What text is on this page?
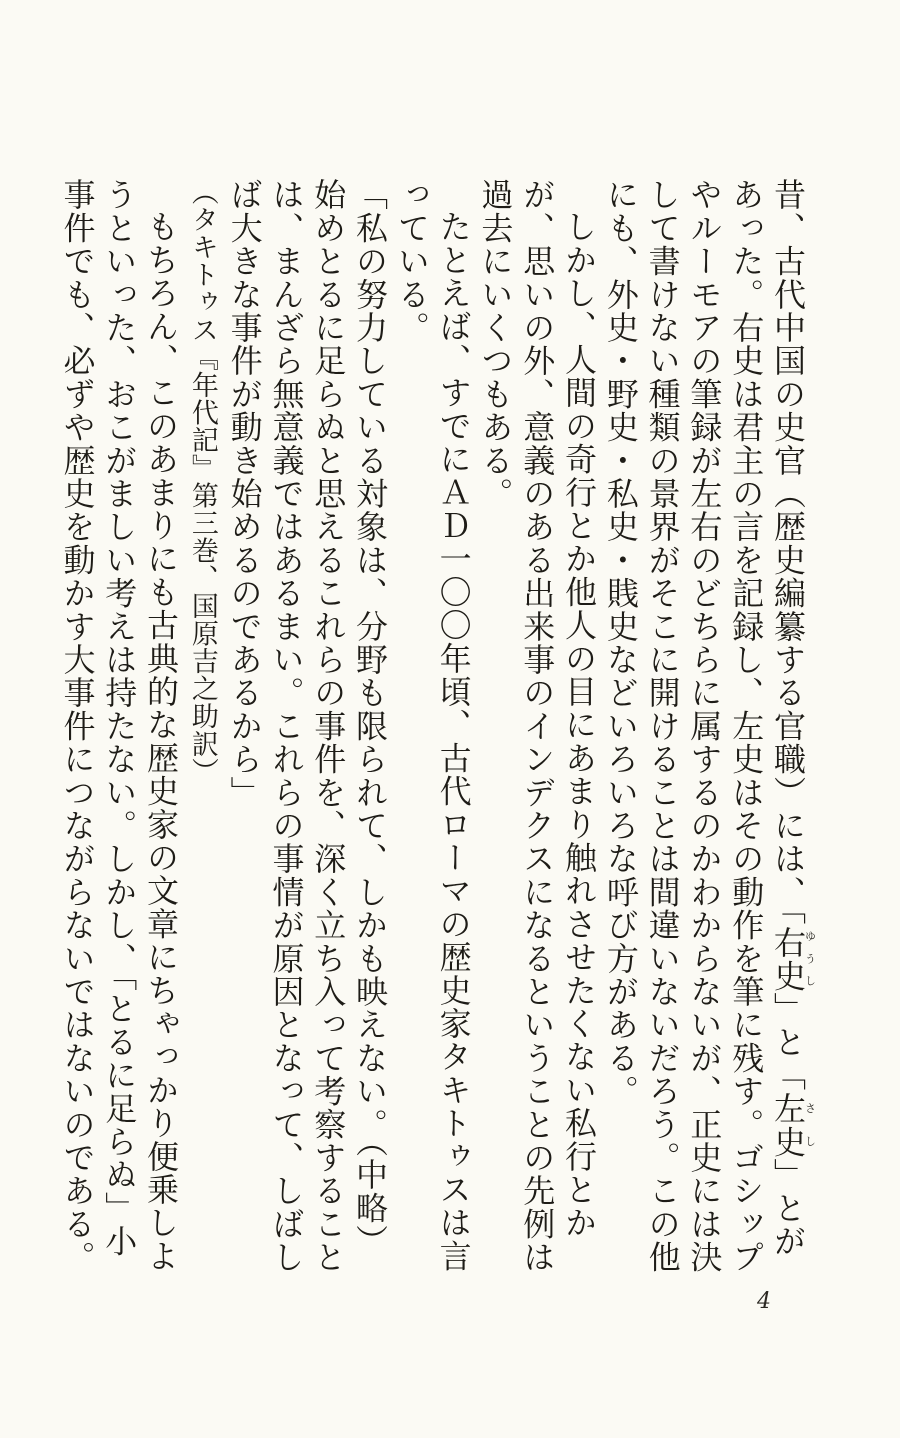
昔、古代中国の史官（歴史編纂する官職）には、「右史ゆうし」と「左史さし」とがあった。右史は君主の言を記録し、左史はその動作を筆に残す。ゴシップやルーモアの筆録が左右のどちらに属するのかわからないが、正史には決して書けない種類の景界がそこに開けることは間違いないだろう。この他にも、外史・野史・私史・賎史などいろいろな呼び方がある。

しかし、人間の奇行とか他人の目にあまり触れさせたくない私行とかが、思いの外、意義のある出来事のインデクスになるということの先例は過去にいくつもある。

たとえば、すでにＡＤ一〇〇年頃、古代ローマの歴史家タキトゥスは言っている。

「私の努力している対象は、分野も限られて、しかも映えない。（中略）始めとるに足らぬと思えるこれらの事件を、深く立ち入って考察することは、まんざら無意義ではあるまい。これらの事情が原因となって、しばしば大きな事件が動き始めるのであるから」

（タキトゥス『年代記』第三巻、国原吉之助訳）

もちろん、このあまりにも古典的な歴史家の文章にちゃっかり便乗しようといった、おこがましい考えは持たない。しかし、「とるに足らぬ」小事件でも、必ずや歴史を動かす大事件につながらないではないのである。

4
